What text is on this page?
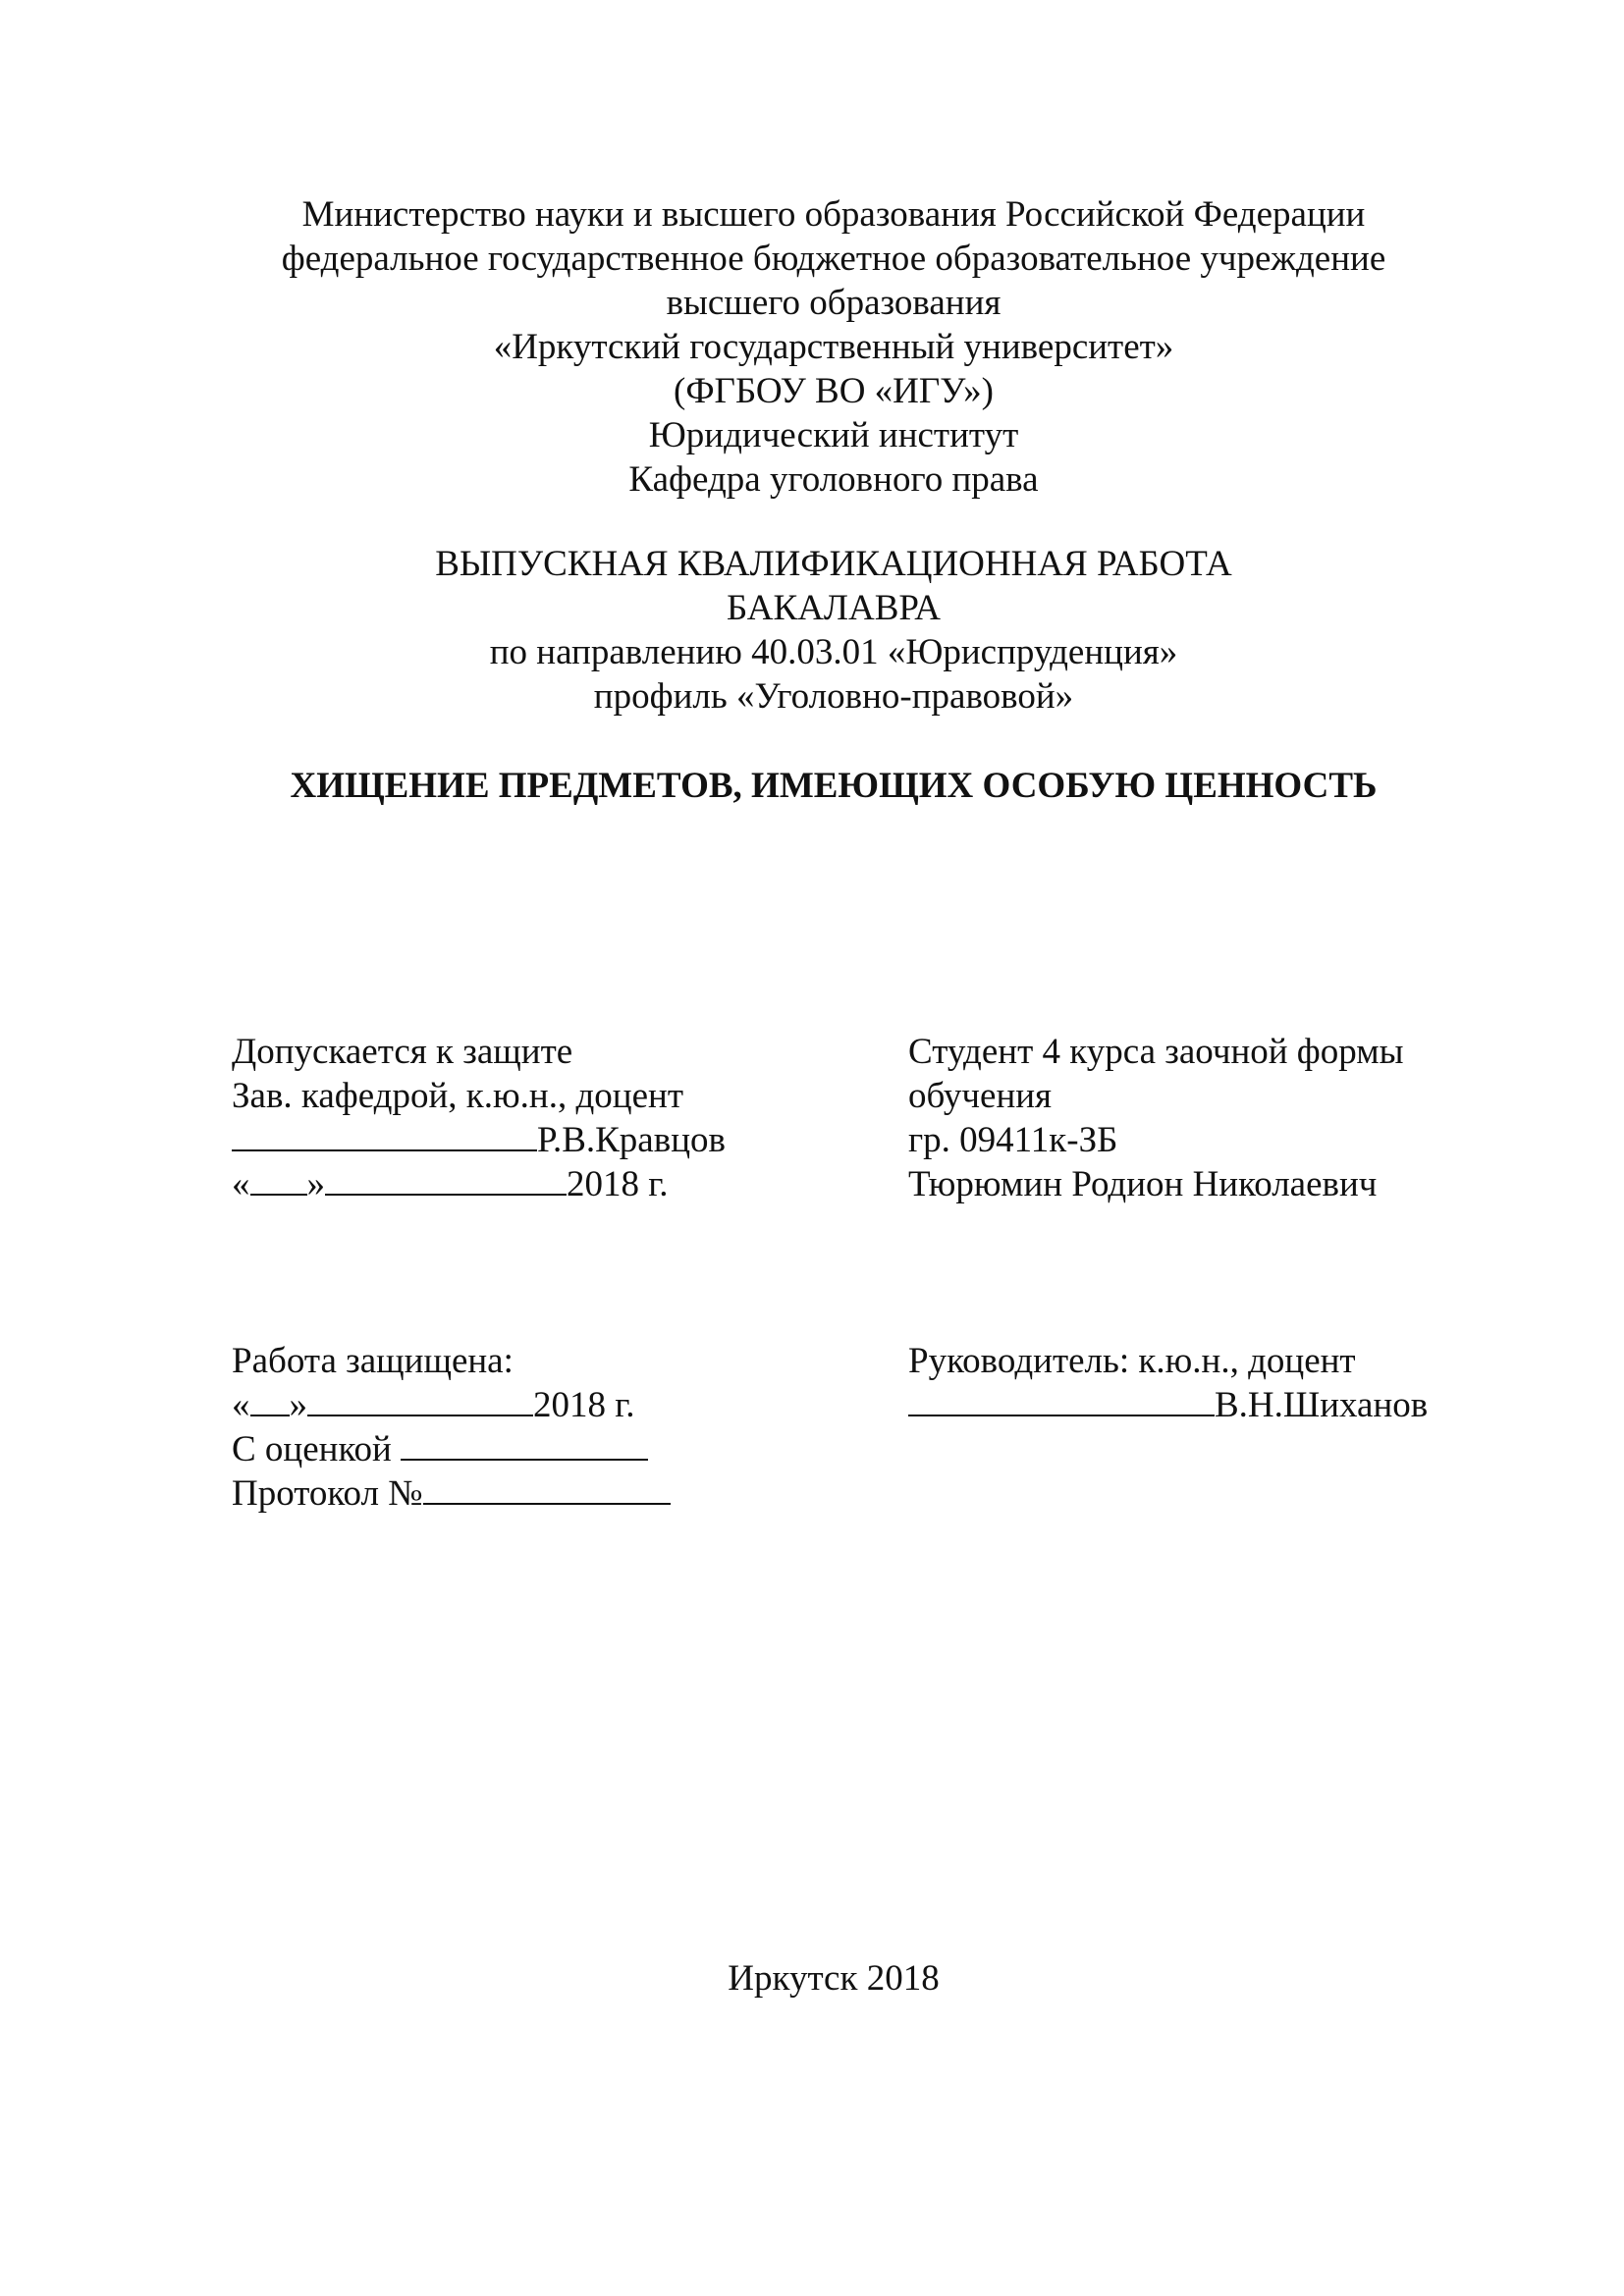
Министерство науки и высшего образования Российской Федерации
федеральное государственное бюджетное образовательное учреждение
высшего образования
«Иркутский государственный университет»
(ФГБОУ ВО «ИГУ»)
Юридический институт
Кафедра уголовного права
ВЫПУСКНАЯ КВАЛИФИКАЦИОННАЯ РАБОТА
БАКАЛАВРА
по направлению 40.03.01 «Юриспруденция»
профиль «Уголовно-правовой»
ХИЩЕНИЕ ПРЕДМЕТОВ, ИМЕЮЩИХ ОСОБУЮ ЦЕННОСТЬ
Допускается к защите
Зав. кафедрой, к.ю.н., доцент
Р.В.Кравцов
« »	2018 г.
Студент 4 курса заочной формы
обучения
гр. 09411к-ЗБ
Тюрюмин Родион Николаевич
Работа защищена:
« »	2018 г.
С оценкой
Протокол №
Руководитель: к.ю.н., доцент
В.Н.Шиханов
Иркутск 2018
